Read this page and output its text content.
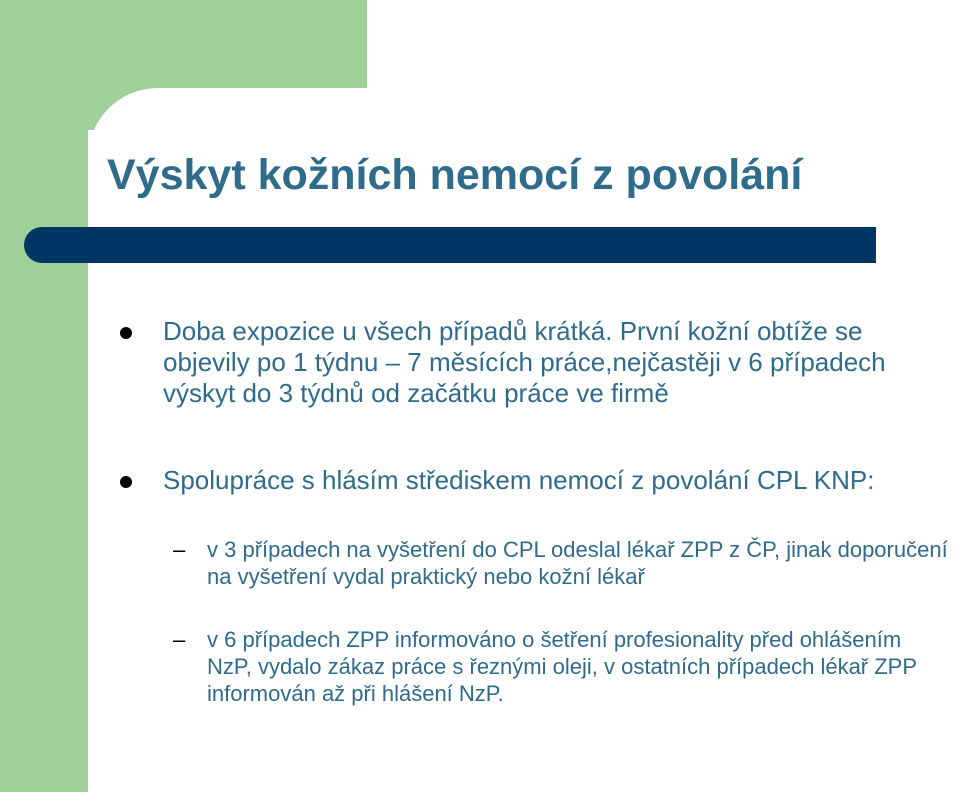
Výskyt kožních nemocí z povolání

Doba expozice u všech případů krátká. První kožní obtíže se objevily po 1 týdnu – 7 měsících práce,nejčastěji v 6 případech výskyt do 3 týdnů od začátku práce ve firmě

Spolupráce s hlásím střediskem nemocí z povolání CPL KNP:

– v 3 případech na vyšetření do CPL odeslal lékař ZPP z ČP, jinak doporučení na vyšetření vydal praktický nebo kožní lékař

– v 6 případech ZPP informováno o šetření profesionality před ohlášením NzP, vydalo zákaz práce s řeznými oleji, v ostatních případech lékař ZPP informován až při hlášení NzP.
